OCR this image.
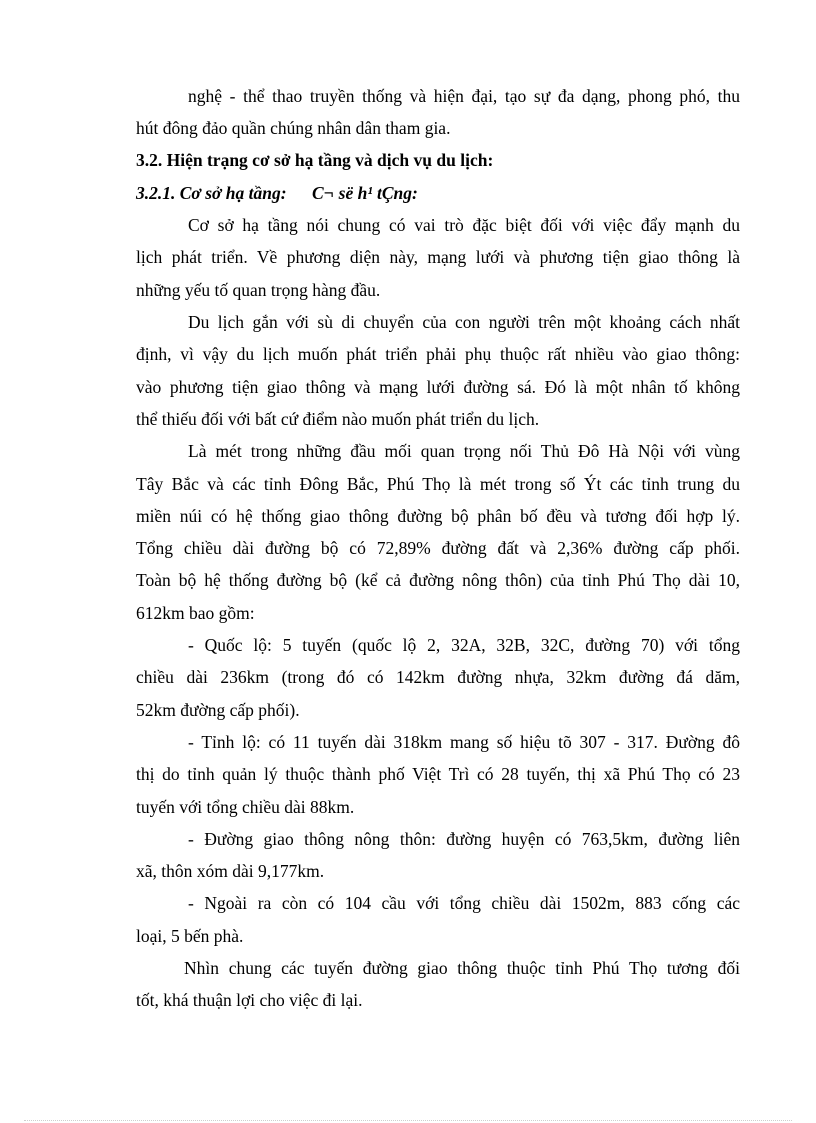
nghệ - thể thao truyền thống và hiện đại, tạo sự đa dạng, phong phó, thu
hút đông đảo quần chúng nhân dân tham gia.
3.2. Hiện trạng cơ sở hạ tầng và dịch vụ du lịch:
3.2.1. Cơ sở hạ tầng:	C¬ së h¹ tÇng:
Cơ sở hạ tầng nói chung có vai trò đặc biệt đối với việc đẩy mạnh du
lịch phát triển. Về phương diện này, mạng lưới và phương tiện giao thông là
những yếu tố quan trọng hàng đầu.
Du lịch gắn với sù di chuyển của con người trên một khoảng cách nhất
định, vì vậy du lịch muốn phát triển phải phụ thuộc rất nhiều vào giao thông:
vào phương tiện giao thông và mạng lưới đường sá. Đó là một nhân tố không
thể thiếu đối với bất cứ điểm nào muốn phát triển du lịch.
Là mét trong những đầu mối quan trọng nối Thủ Đô Hà Nội với vùng
Tây Bắc và các tỉnh Đông Bắc, Phú Thọ là mét trong số Ýt các tỉnh trung du
miền núi có hệ thống giao thông đường bộ phân bố đều và tương đối hợp lý.
Tổng chiều dài đường bộ có 72,89% đường đất và 2,36% đường cấp phối.
Toàn bộ hệ thống đường bộ (kể cả đường nông thôn) của tỉnh Phú Thọ dài 10,
612km bao gồm:
- Quốc lộ: 5 tuyến (quốc lộ 2, 32A, 32B, 32C, đường 70) với tổng
chiều dài 236km (trong đó có 142km đường nhựa, 32km đường đá dăm,
52km đường cấp phối).
- Tỉnh lộ: có 11 tuyến dài 318km mang số hiệu tõ 307 - 317. Đường đô
thị do tỉnh quản lý thuộc thành phố Việt Trì có 28 tuyến, thị xã Phú Thọ có 23
tuyến với tổng chiều dài 88km.
- Đường giao thông nông thôn: đường huyện có 763,5km, đường liên
xã, thôn xóm dài 9,177km.
- Ngoài ra còn có 104 cầu với tổng chiều dài 1502m, 883 cống các
loại, 5 bến phà.
Nhìn chung các tuyến đường giao thông thuộc tỉnh Phú Thọ tương đối
tốt, khá thuận lợi cho việc đi lại.
